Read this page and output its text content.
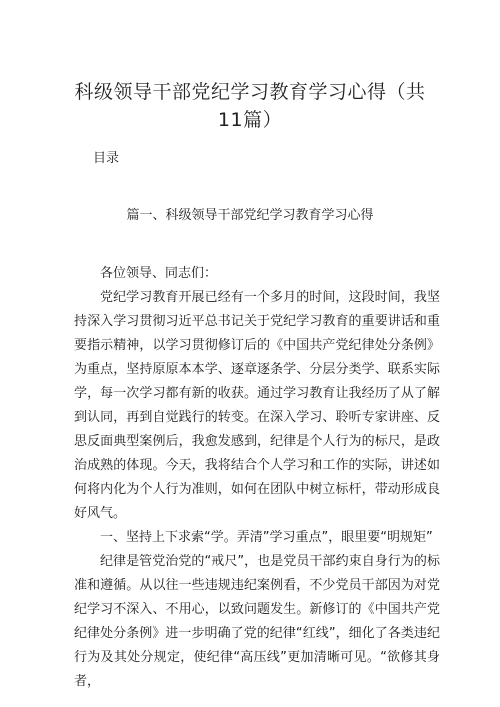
科级领导干部党纪学习教育学习心得（共11篇）
目录
篇一、科级领导干部党纪学习教育学习心得

各位领导、同志们：

党纪学习教育开展已经有一个多月的时间，这段时间，我坚持深入学习贯彻习近平总书记关于党纪学习教育的重要讲话和重要指示精神，以学习贯彻修订后的《中国共产党纪律处分条例》为重点，坚持原原本本学、逐章逐条学、分层分类学、联系实际学，每一次学习都有新的收获。通过学习教育让我经历了从了解到认同，再到自觉践行的转变。在深入学习、聆听专家讲座、反思反面典型案例后，我愈发感到，纪律是个人行为的标尺，是政治成熟的体现。今天，我将结合个人学习和工作的实际，讲述如何将内化为个人行为准则，如何在团队中树立标杆，带动形成良好风气。

一、坚持上下求索“学。弄清”学习重点”，眼里要“明规矩”

纪律是管党治党的“戒尺”，也是党员干部约束自身行为的标准和遵循。从以往一些违规违纪案例看，不少党员干部因为对党纪学习不深入、不用心，以致问题发生。新修订的《中国共产党纪律处分条例》进一步明确了党的纪律“红线”，细化了各类违纪行为及其处分规定，使纪律“高压线”更加清晰可见。“欲修其身者，
